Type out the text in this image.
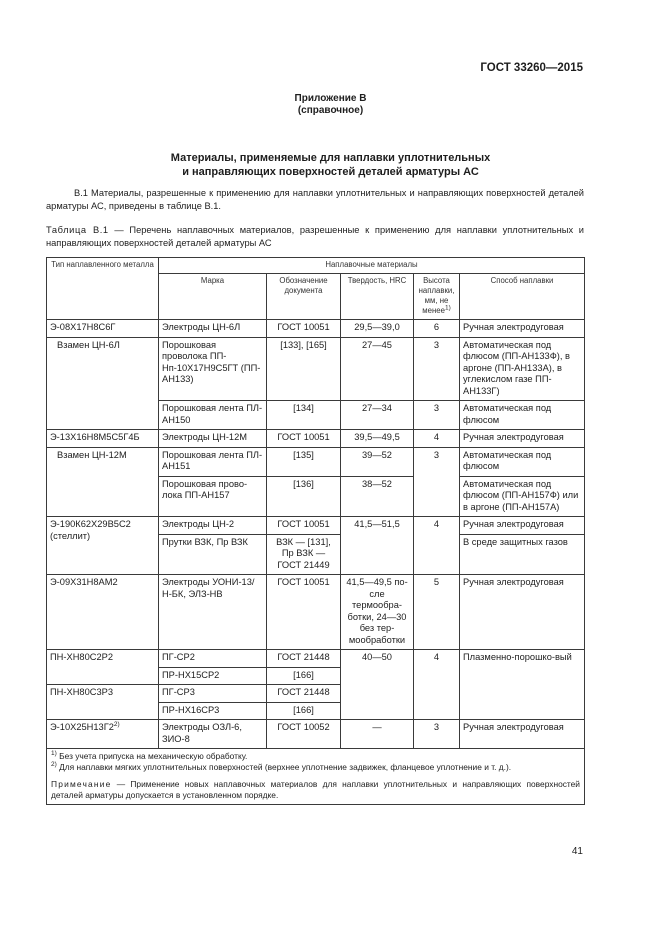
ГОСТ 33260—2015
Приложение В
(справочное)
Материалы, применяемые для наплавки уплотнительных
и направляющих поверхностей деталей арматуры АС
В.1 Материалы, разрешенные к применению для наплавки уплотнительных и направляющих поверхностей деталей арматуры АС, приведены в таблице В.1.
Таблица В.1 — Перечень наплавочных материалов, разрешенные к применению для наплавки уплотнительных и направляющих поверхностей деталей арматуры АС
Тип наплавленного металла	Наплавочные материалы				
	Марка	Обозначение документа	Твердость, HRC	Высота наплавки, мм, не менее$^{1)}$	Способ наплавки
Э-08Х17Н8С6Г	Электроды ЦН-6Л	ГОСТ 10051	29,5—39,0	6	Ручная электродуговая
Взамен ЦН-6Л	Порошковая проволока ПП-Нп-10Х17Н9С5ГТ (ПП-АН133)	[133], [165]	27—45	3	Автоматическая под флюсом (ПП-АН133Ф), в аргоне (ПП-АН133А), в углекислом газе ПП-АН133Г)
	Порошковая лента ПЛ-АН150	[134]	27—34	3	Автоматическая под флюсом
Э-13Х16Н8М5С5Г4Б	Электроды ЦН-12М	ГОСТ 10051	39,5—49,5	4	Ручная электродуговая
Взамен ЦН-12М	Порошковая лента ПЛ-АН151	[135]	39—52	3	Автоматическая под флюсом
	Порошковая прово-лока ПП-АН157	[136]	38—52		Автоматическая под флюсом (ПП-АН157Ф) или в аргоне (ПП-АН157А)
Э-190К62Х29В5С2 (стеллит)	Электроды ЦН-2	ГОСТ 10051	41,5—51,5	4	Ручная электродуговая
	Прутки ВЗК, Пр ВЗК	ВЗК — [131], Пр ВЗК — ГОСТ 21449			В среде защитных газов
Э-09Х31Н8АМ2	Электроды УОНИ-13/Н-БК, ЭЛЗ-НВ	ГОСТ 10051	41,5—49,5 по-сле термообра-ботки, 24—30 без тер-мообработки	5	Ручная электродуговая
ПН-ХН80С2Р2	ПГ-СР2	ГОСТ 21448	40—50	4	Плазменно-порошко-вый
	ПР-НХ15СР2	[166]			
ПН-ХН80С3Р3	ПГ-СР3	ГОСТ 21448			
	ПР-НХ16СР3	[166]			
Э-10Х25Н13Г2$^{2)}$	Электроды ОЗЛ-6, ЗИО-8	ГОСТ 10052	—	3	Ручная электродуговая

$^{1)}$ Без учета припуска на механическую обработку.
$^{2)}$ Для наплавки мягких уплотнительных поверхностей (верхнее уплотнение задвижек, фланцевое уплотнение и т. д.).
Примечание — Применение новых наплавочных материалов для наплавки уплотнительных и направляющих поверхностей деталей арматуры допускается в установленном порядке.					
41
